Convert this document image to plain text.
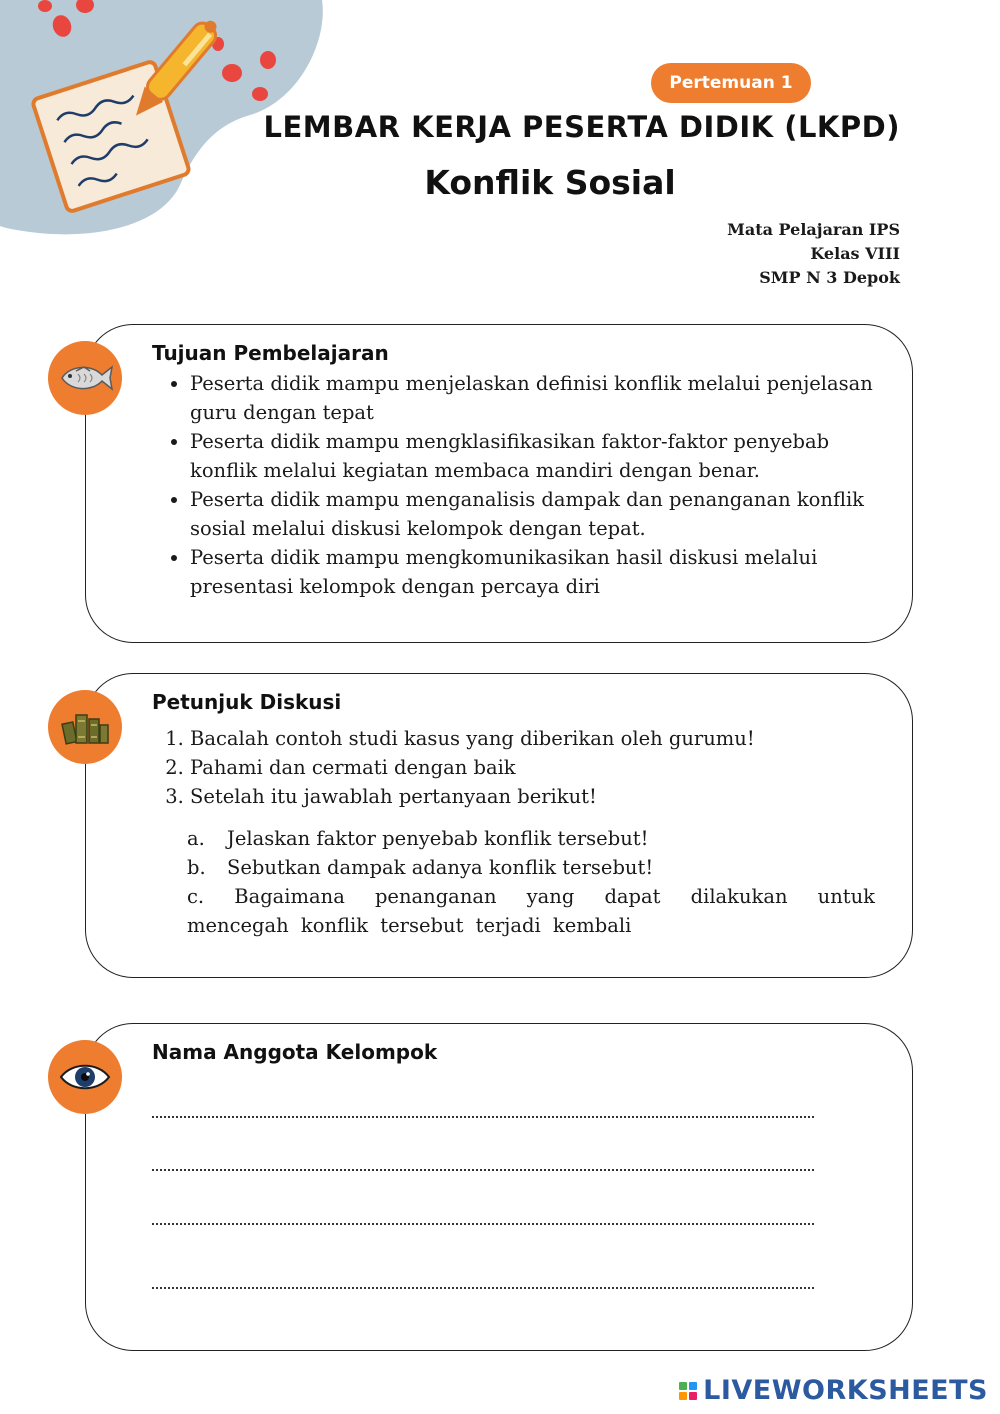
Pertemuan 1
LEMBAR KERJA PESERTA DIDIK (LKPD)
Konflik Sosial
Mata Pelajaran IPS
Kelas VIII
SMP N 3 Depok
Tujuan Pembelajaran
• Peserta didik mampu menjelaskan definisi konflik melalui penjelasan guru dengan tepat
• Peserta didik mampu mengklasifikasikan faktor-faktor penyebab konflik melalui kegiatan membaca mandiri dengan benar.
• Peserta didik mampu menganalisis dampak dan penanganan konflik sosial melalui diskusi kelompok dengan tepat.
• Peserta didik mampu mengkomunikasikan hasil diskusi melalui presentasi kelompok dengan percaya diri
Petunjuk Diskusi
1. Bacalah contoh studi kasus yang diberikan oleh gurumu!
2. Pahami dan cermati dengan baik
3. Setelah itu jawablah pertanyaan berikut!

a. Jelaskan faktor penyebab konflik tersebut!

b. Sebutkan dampak adanya konflik tersebut!

c. Bagaimana penanganan yang dapat dilakukan untuk mencegah konflik tersebut terjadi kembali

Nama Anggota Kelompok
LIVEWORKSHEETS
